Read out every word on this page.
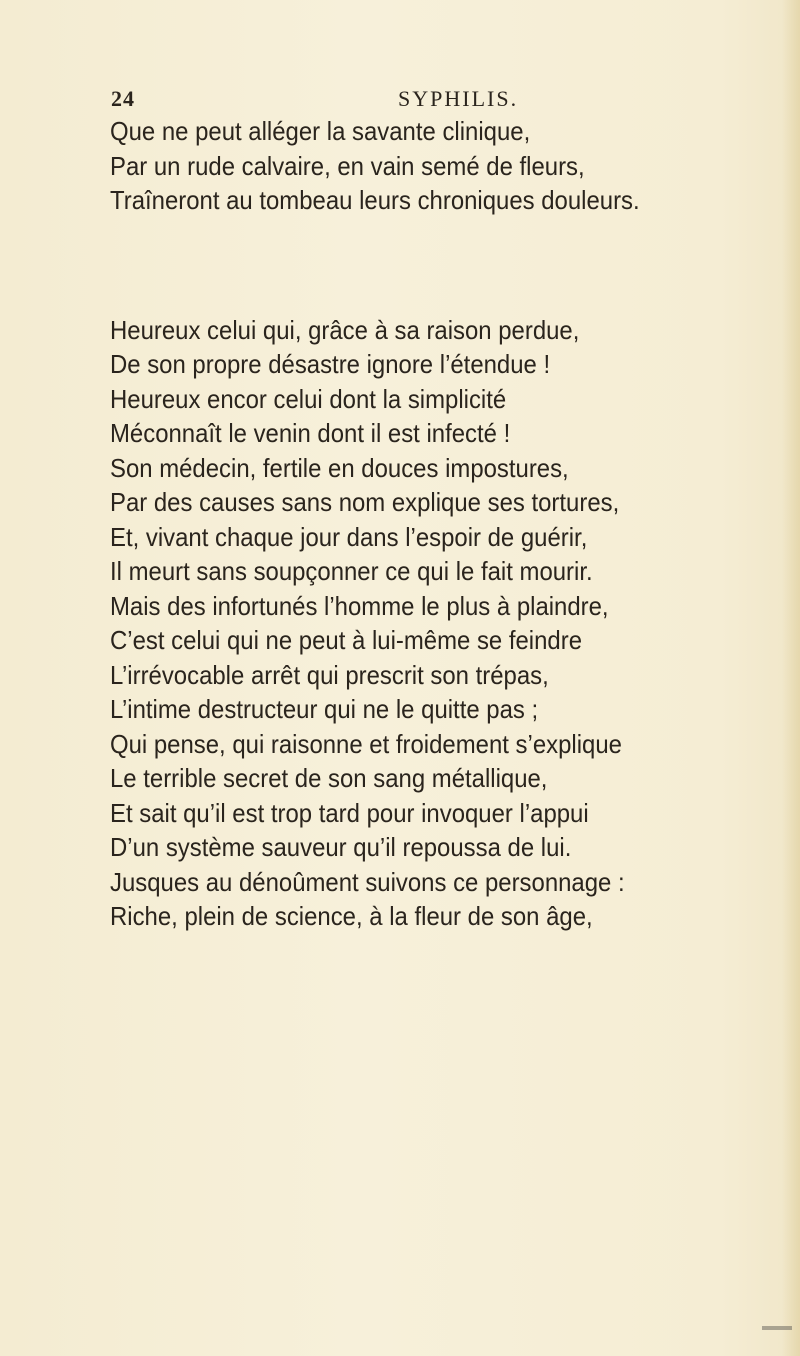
24	SYPHILIS.
Que ne peut alléger la savante clinique,
Par un rude calvaire, en vain semé de fleurs,
Traîneront au tombeau leurs chroniques douleurs.
Heureux celui qui, grâce à sa raison perdue,
De son propre désastre ignore l’étendue !
Heureux encor celui dont la simplicité
Méconnaît le venin dont il est infecté !
Son médecin, fertile en douces impostures,
Par des causes sans nom explique ses tortures,
Et, vivant chaque jour dans l’espoir de guérir,
Il meurt sans soupçonner ce qui le fait mourir.
Mais des infortunés l’homme le plus à plaindre,
C’est celui qui ne peut à lui-même se feindre
L’irrévocable arrêt qui prescrit son trépas,
L’intime destructeur qui ne le quitte pas ;
Qui pense, qui raisonne et froidement s’explique
Le terrible secret de son sang métallique,
Et sait qu’il est trop tard pour invoquer l’appui
D’un système sauveur qu’il repoussa de lui.
Jusques au dénoûment suivons ce personnage :
Riche, plein de science, à la fleur de son âge,
